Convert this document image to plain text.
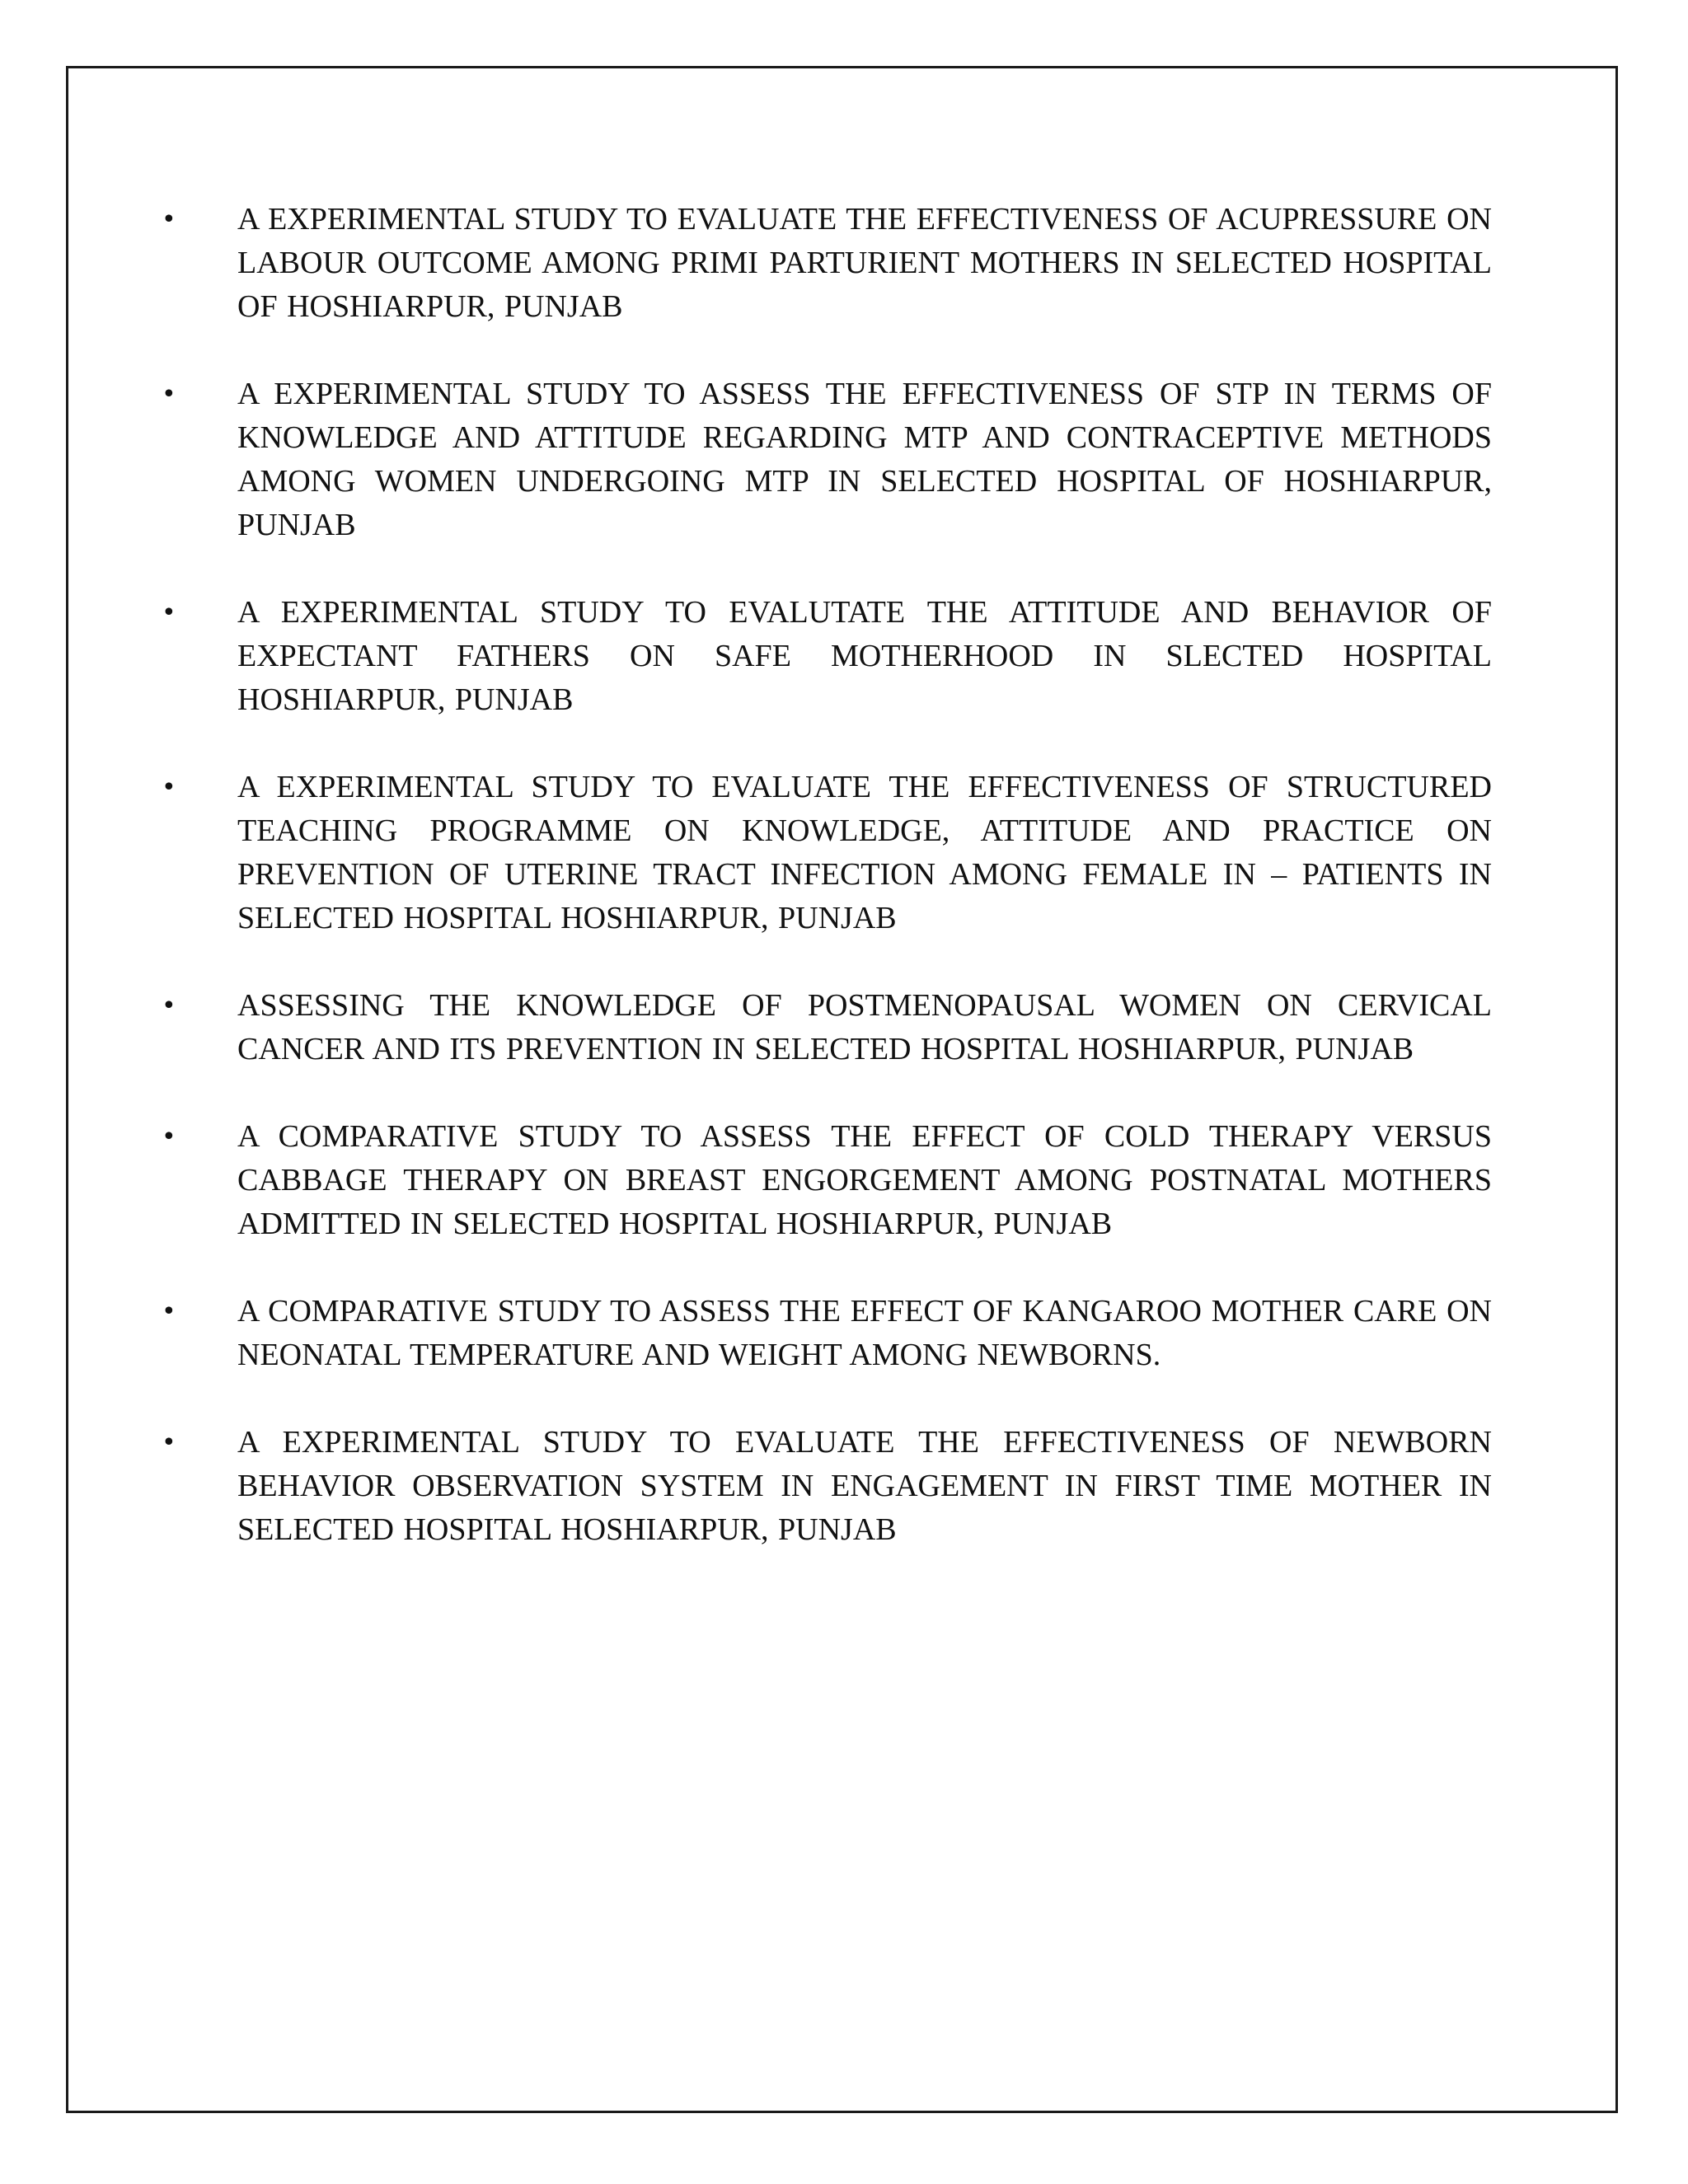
• A EXPERIMENTAL STUDY TO EVALUATE THE EFFECTIVENESS OF ACUPRESSURE ON LABOUR OUTCOME AMONG PRIMI PARTURIENT MOTHERS IN SELECTED HOSPITAL OF HOSHIARPUR, PUNJAB
• A EXPERIMENTAL STUDY TO ASSESS THE EFFECTIVENESS OF STP IN TERMS OF KNOWLEDGE AND ATTITUDE REGARDING MTP AND CONTRACEPTIVE METHODS AMONG WOMEN UNDERGOING MTP IN SELECTED HOSPITAL OF HOSHIARPUR, PUNJAB
• A EXPERIMENTAL STUDY TO EVALUTATE THE ATTITUDE AND BEHAVIOR OF EXPECTANT FATHERS ON SAFE MOTHERHOOD IN SLECTED HOSPITAL HOSHIARPUR, PUNJAB
• A EXPERIMENTAL STUDY TO EVALUATE THE EFFECTIVENESS OF STRUCTURED TEACHING PROGRAMME ON KNOWLEDGE, ATTITUDE AND PRACTICE ON PREVENTION OF UTERINE TRACT INFECTION AMONG FEMALE IN – PATIENTS IN SELECTED HOSPITAL HOSHIARPUR, PUNJAB
• ASSESSING THE KNOWLEDGE OF POSTMENOPAUSAL WOMEN ON CERVICAL CANCER AND ITS PREVENTION IN SELECTED HOSPITAL HOSHIARPUR, PUNJAB
• A COMPARATIVE STUDY TO ASSESS THE EFFECT OF COLD THERAPY VERSUS CABBAGE THERAPY ON BREAST ENGORGEMENT AMONG POSTNATAL MOTHERS ADMITTED IN SELECTED HOSPITAL HOSHIARPUR, PUNJAB
• A COMPARATIVE STUDY TO ASSESS THE EFFECT OF KANGAROO MOTHER CARE ON NEONATAL TEMPERATURE AND WEIGHT AMONG NEWBORNS.
• A EXPERIMENTAL STUDY TO EVALUATE THE EFFECTIVENESS OF NEWBORN BEHAVIOR OBSERVATION SYSTEM IN ENGAGEMENT IN FIRST TIME MOTHER IN SELECTED HOSPITAL HOSHIARPUR, PUNJAB
